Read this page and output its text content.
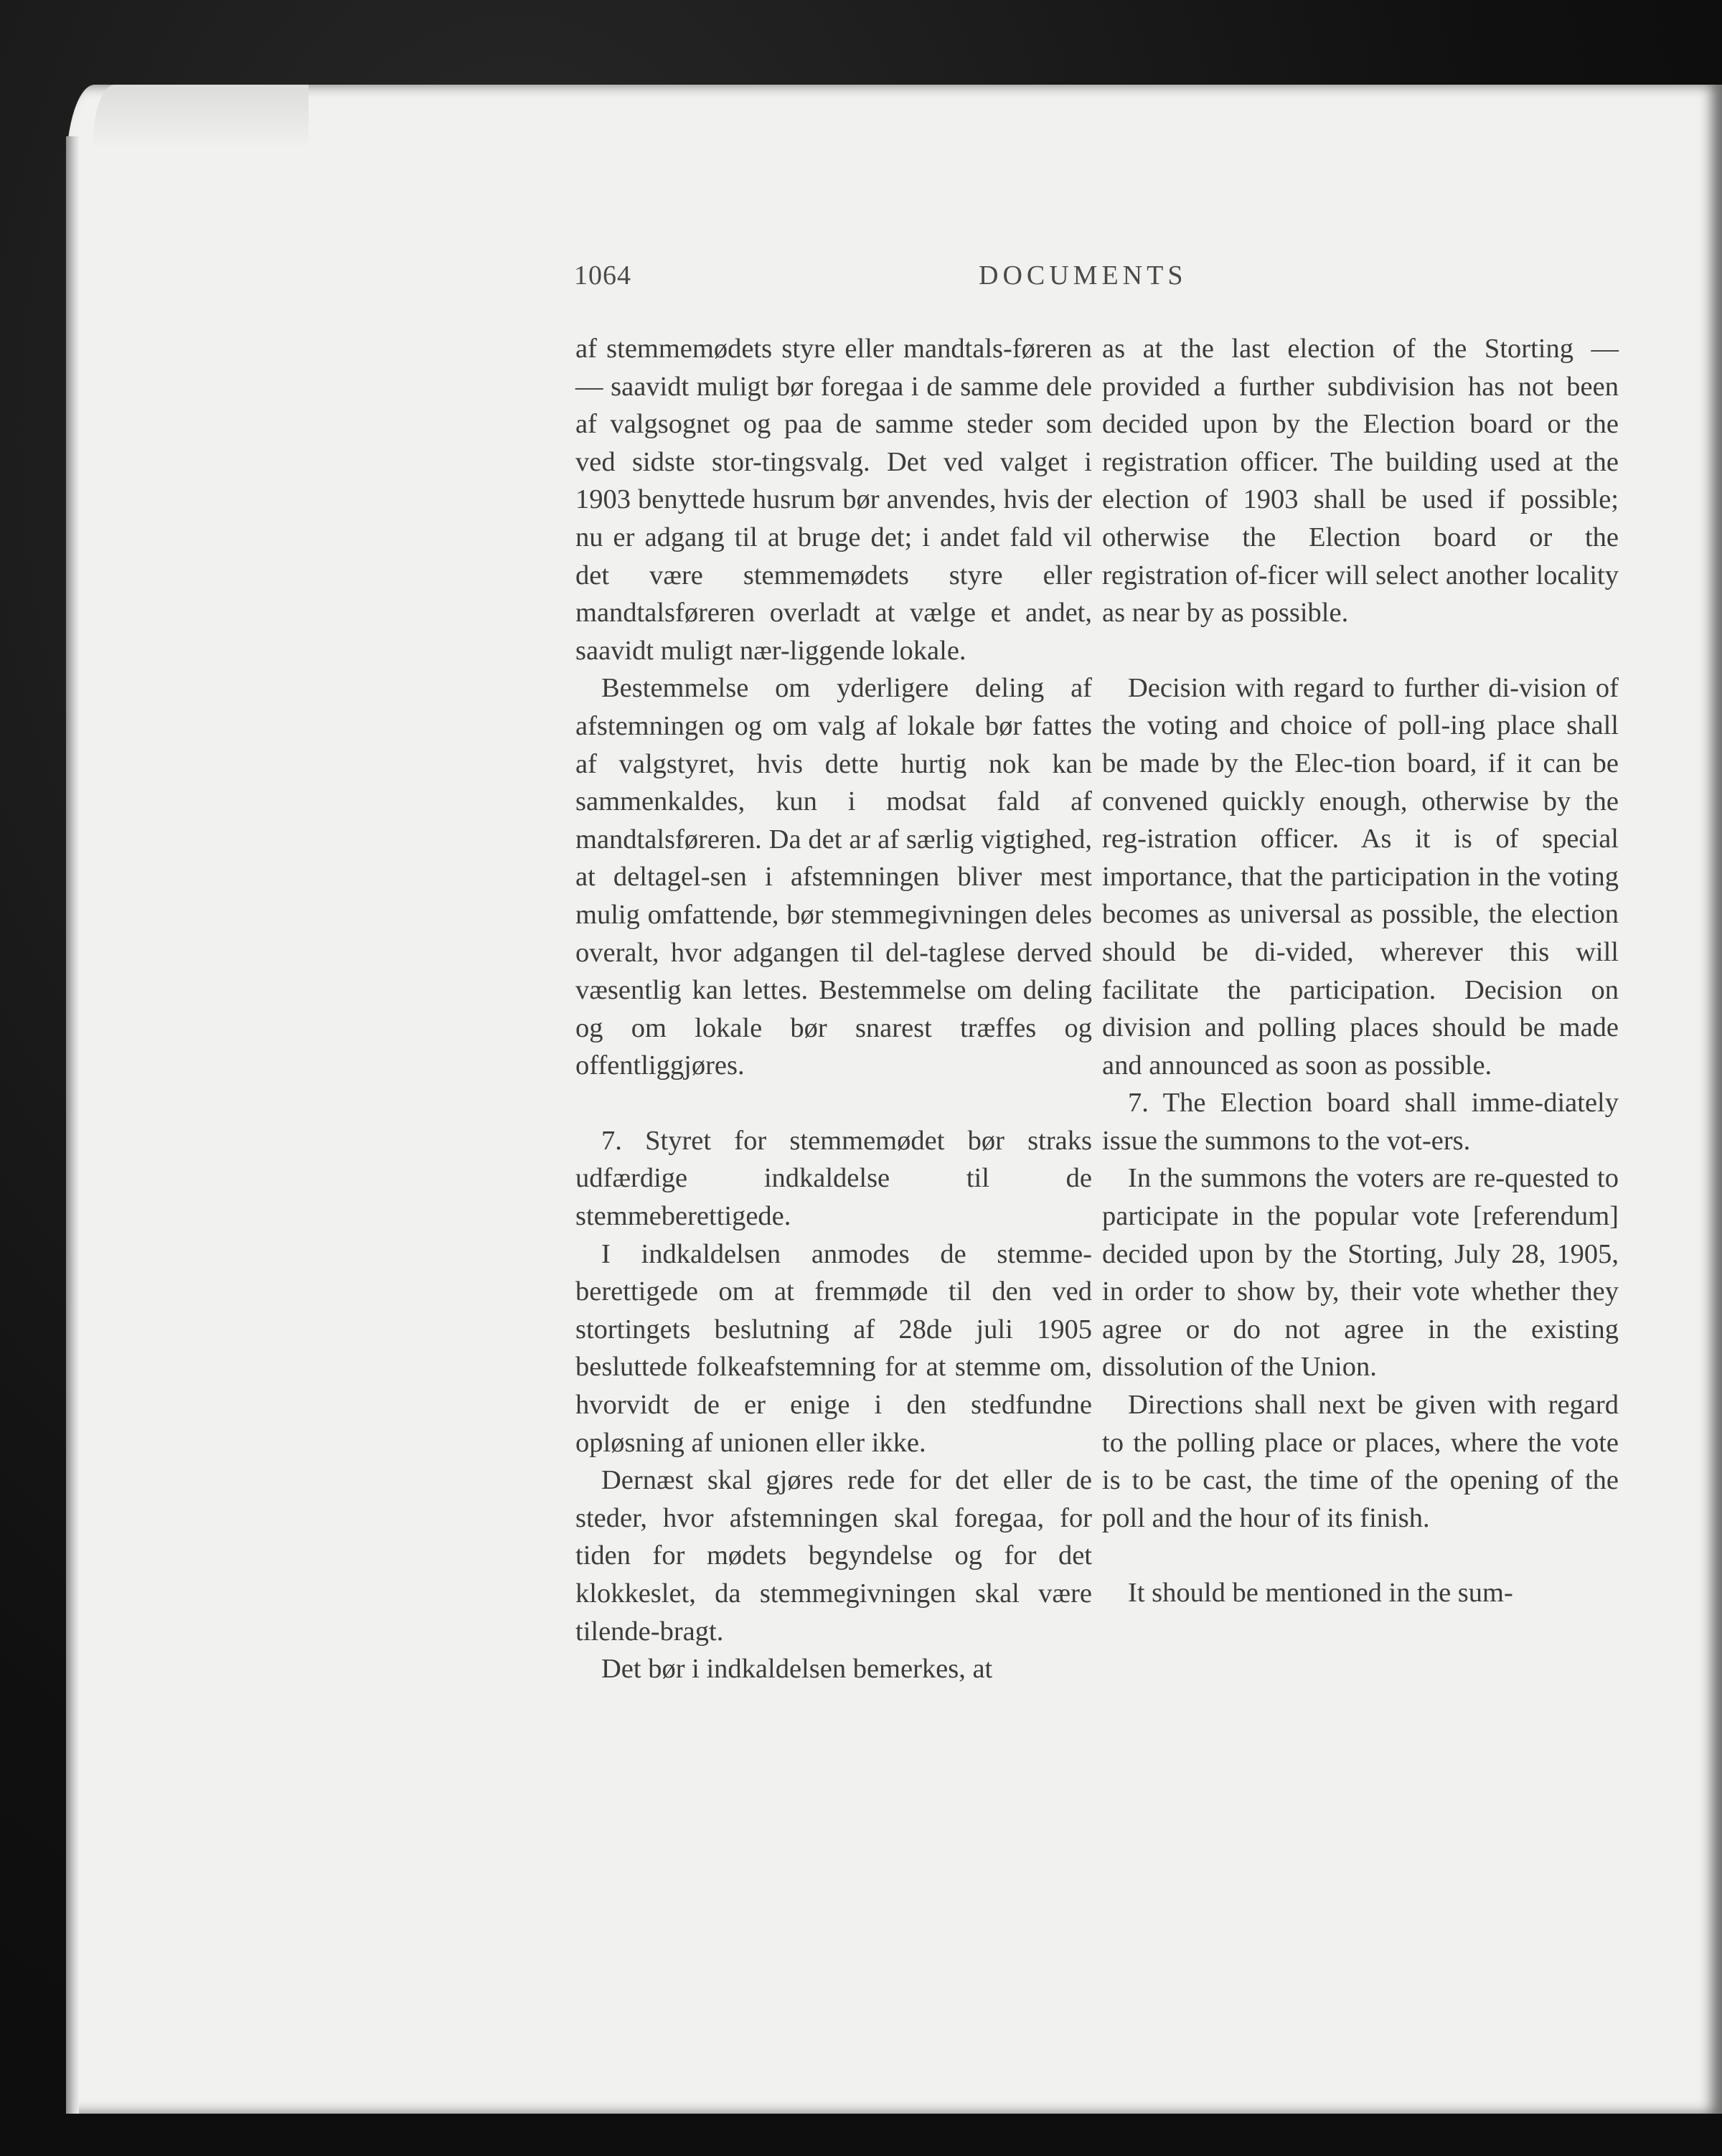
1064	DOCUMENTS

af stemmemødets styre eller mandtals-føreren — saavidt muligt bør foregaa i de samme dele af valgsognet og paa de samme steder som ved sidste stor-tingsvalg. Det ved valget i 1903 benyttede husrum bør anvendes, hvis der nu er adgang til at bruge det; i andet fald vil det være stemmemødets styre eller mandtalsføreren overladt at vælge et andet, saavidt muligt nær-liggende lokale.

Bestemmelse om yderligere deling af afstemningen og om valg af lokale bør fattes af valgstyret, hvis dette hurtig nok kan sammenkaldes, kun i modsat fald af mandtalsføreren. Da det ar af særlig vigtighed, at deltagel-sen i afstemningen bliver mest mulig omfattende, bør stemmegivningen deles overalt, hvor adgangen til del-taglese derved væsentlig kan lettes. Bestemmelse om deling og om lokale bør snarest træffes og offentliggjøres.

7. Styret for stemmemødet bør straks udfærdige indkaldelse til de stemmeberettigede.

I indkaldelsen anmodes de stemme-berettigede om at fremmøde til den ved stortingets beslutning af 28de juli 1905 besluttede folkeafstemning for at stemme om, hvorvidt de er enige i den stedfundne opløsning af unionen eller ikke.

Dernæst skal gjøres rede for det eller de steder, hvor afstemningen skal foregaa, for tiden for mødets begyndelse og for det klokkeslet, da stemmegivningen skal være tilende-bragt.

Det bør i indkaldelsen bemerkes, at

as at the last election of the Storting — provided a further subdivision has not been decided upon by the Election board or the registration officer. The building used at the election of 1903 shall be used if possible; otherwise the Election board or the registration of-ficer will select another locality as near by as possible.

Decision with regard to further di-vision of the voting and choice of poll-ing place shall be made by the Elec-tion board, if it can be convened quickly enough, otherwise by the reg-istration officer. As it is of special importance, that the participation in the voting becomes as universal as possible, the election should be di-vided, wherever this will facilitate the participation. Decision on division and polling places should be made and announced as soon as possible.

7. The Election board shall imme-diately issue the summons to the vot-ers.

In the summons the voters are re-quested to participate in the popular vote [referendum] decided upon by the Storting, July 28, 1905, in order to show by, their vote whether they agree or do not agree in the existing dissolution of the Union.

Directions shall next be given with regard to the polling place or places, where the vote is to be cast, the time of the opening of the poll and the hour of its finish.

It should be mentioned in the sum-
